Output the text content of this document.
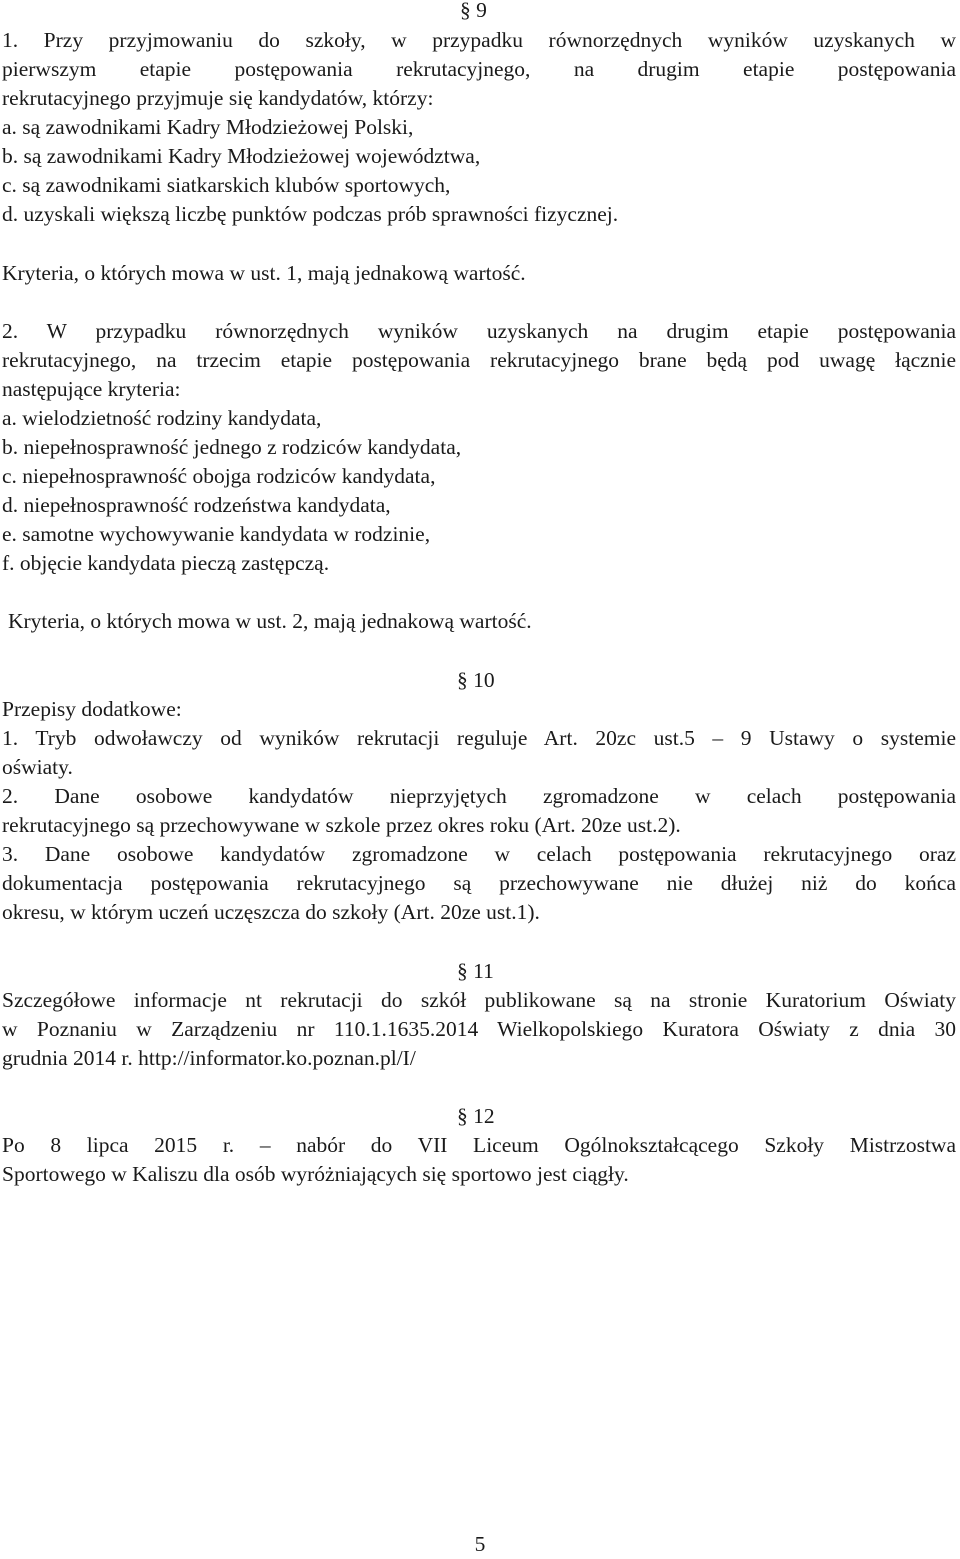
§ 9
1. Przy przyjmowaniu do szkoły, w przypadku równorzędnych wyników uzyskanych w
pierwszym etapie postępowania rekrutacyjnego, na drugim etapie postępowania
rekrutacyjnego przyjmuje się kandydatów, którzy:
a. są zawodnikami Kadry Młodzieżowej Polski,
b. są zawodnikami Kadry Młodzieżowej województwa,
c. są zawodnikami siatkarskich klubów sportowych,
d. uzyskali większą liczbę punktów podczas prób sprawności fizycznej.
Kryteria, o których mowa w ust. 1, mają jednakową wartość.
2. W przypadku równorzędnych wyników uzyskanych na drugim etapie postępowania
rekrutacyjnego, na trzecim etapie postępowania rekrutacyjnego brane będą pod uwagę łącznie
następujące kryteria:
a. wielodzietność rodziny kandydata,
b. niepełnosprawność jednego z rodziców kandydata,
c. niepełnosprawność obojga rodziców kandydata,
d. niepełnosprawność rodzeństwa kandydata,
e. samotne wychowywanie kandydata w rodzinie,
f. objęcie kandydata pieczą zastępczą.
Kryteria, o których mowa w ust. 2, mają jednakową wartość.
§ 10
Przepisy dodatkowe:
1. Tryb odwoławczy od wyników rekrutacji reguluje Art. 20zc ust.5 – 9 Ustawy o systemie
oświaty.
2. Dane osobowe kandydatów nieprzyjętych zgromadzone w celach postępowania
rekrutacyjnego są przechowywane w szkole przez okres roku (Art. 20ze ust.2).
3. Dane osobowe kandydatów zgromadzone w celach postępowania rekrutacyjnego oraz
dokumentacja postępowania rekrutacyjnego są przechowywane nie dłużej niż do końca
okresu, w którym uczeń uczęszcza do szkoły (Art. 20ze ust.1).
§ 11
Szczegółowe informacje nt rekrutacji do szkół publikowane są na stronie Kuratorium Oświaty
w Poznaniu w Zarządzeniu nr 110.1.1635.2014 Wielkopolskiego Kuratora Oświaty z dnia 30
grudnia 2014 r. http://informator.ko.poznan.pl/I/
§ 12
Po 8 lipca 2015 r. – nabór do VII Liceum Ogólnokształcącego Szkoły Mistrzostwa
Sportowego w Kaliszu dla osób wyróżniających się sportowo jest ciągły.
5
